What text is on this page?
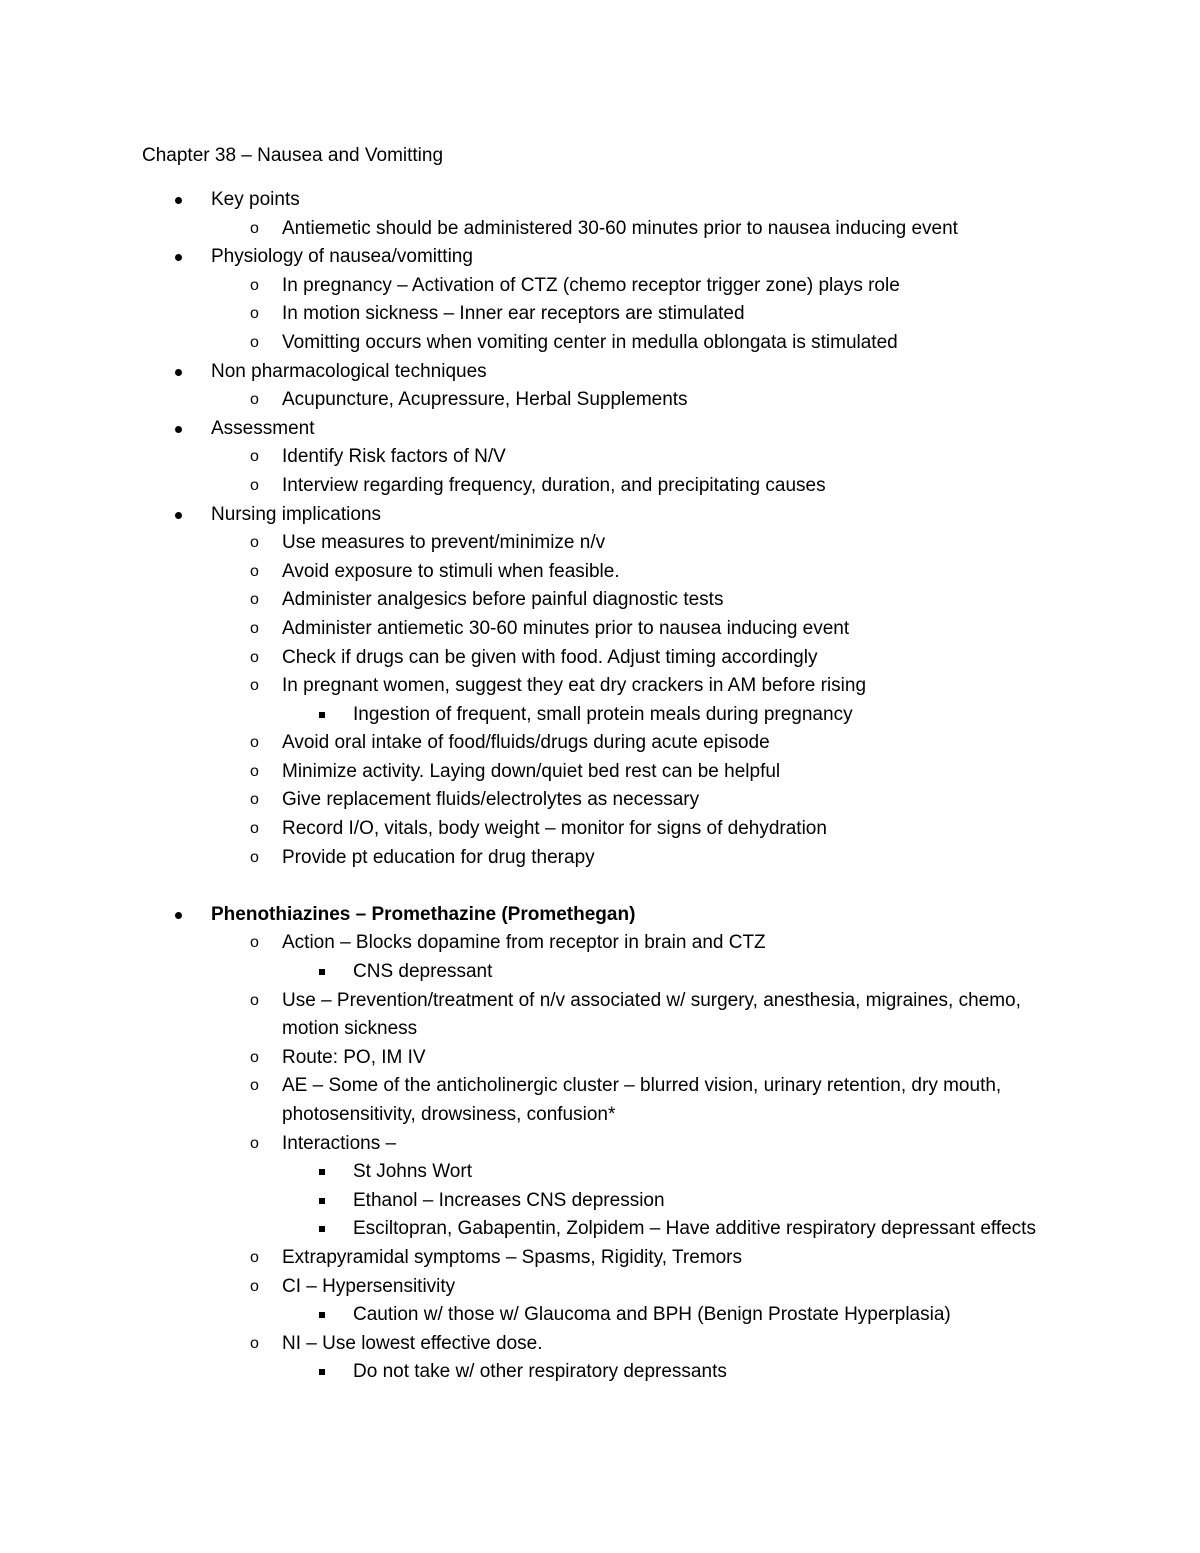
Chapter 38 – Nausea and Vomitting
Key points
o Antiemetic should be administered 30-60 minutes prior to nausea inducing event
Physiology of nausea/vomitting
o In pregnancy – Activation of CTZ (chemo receptor trigger zone) plays role
o In motion sickness – Inner ear receptors are stimulated
o Vomitting occurs when vomiting center in medulla oblongata is stimulated
Non pharmacological techniques
o Acupuncture, Acupressure, Herbal Supplements
Assessment
o Identify Risk factors of N/V
o Interview regarding frequency, duration, and precipitating causes
Nursing implications
o Use measures to prevent/minimize n/v
o Avoid exposure to stimuli when feasible.
o Administer analgesics before painful diagnostic tests
o Administer antiemetic 30-60 minutes prior to nausea inducing event
o Check if drugs can be given with food. Adjust timing accordingly
o In pregnant women, suggest they eat dry crackers in AM before rising
Ingestion of frequent, small protein meals during pregnancy
o Avoid oral intake of food/fluids/drugs during acute episode
o Minimize activity. Laying down/quiet bed rest can be helpful
o Give replacement fluids/electrolytes as necessary
o Record I/O, vitals, body weight – monitor for signs of dehydration
o Provide pt education for drug therapy
Phenothiazines – Promethazine (Promethegan)
o Action – Blocks dopamine from receptor in brain and CTZ
CNS depressant
o Use – Prevention/treatment of n/v associated w/ surgery, anesthesia, migraines, chemo,
motion sickness
o Route: PO, IM IV
o AE – Some of the anticholinergic cluster – blurred vision, urinary retention, dry mouth,
photosensitivity, drowsiness, confusion*
o Interactions –
St Johns Wort
Ethanol – Increases CNS depression
Esciltopran, Gabapentin, Zolpidem – Have additive respiratory depressant effects
o Extrapyramidal symptoms – Spasms, Rigidity, Tremors
o CI – Hypersensitivity
Caution w/ those w/ Glaucoma and BPH (Benign Prostate Hyperplasia)
o NI – Use lowest effective dose.
Do not take w/ other respiratory depressants
